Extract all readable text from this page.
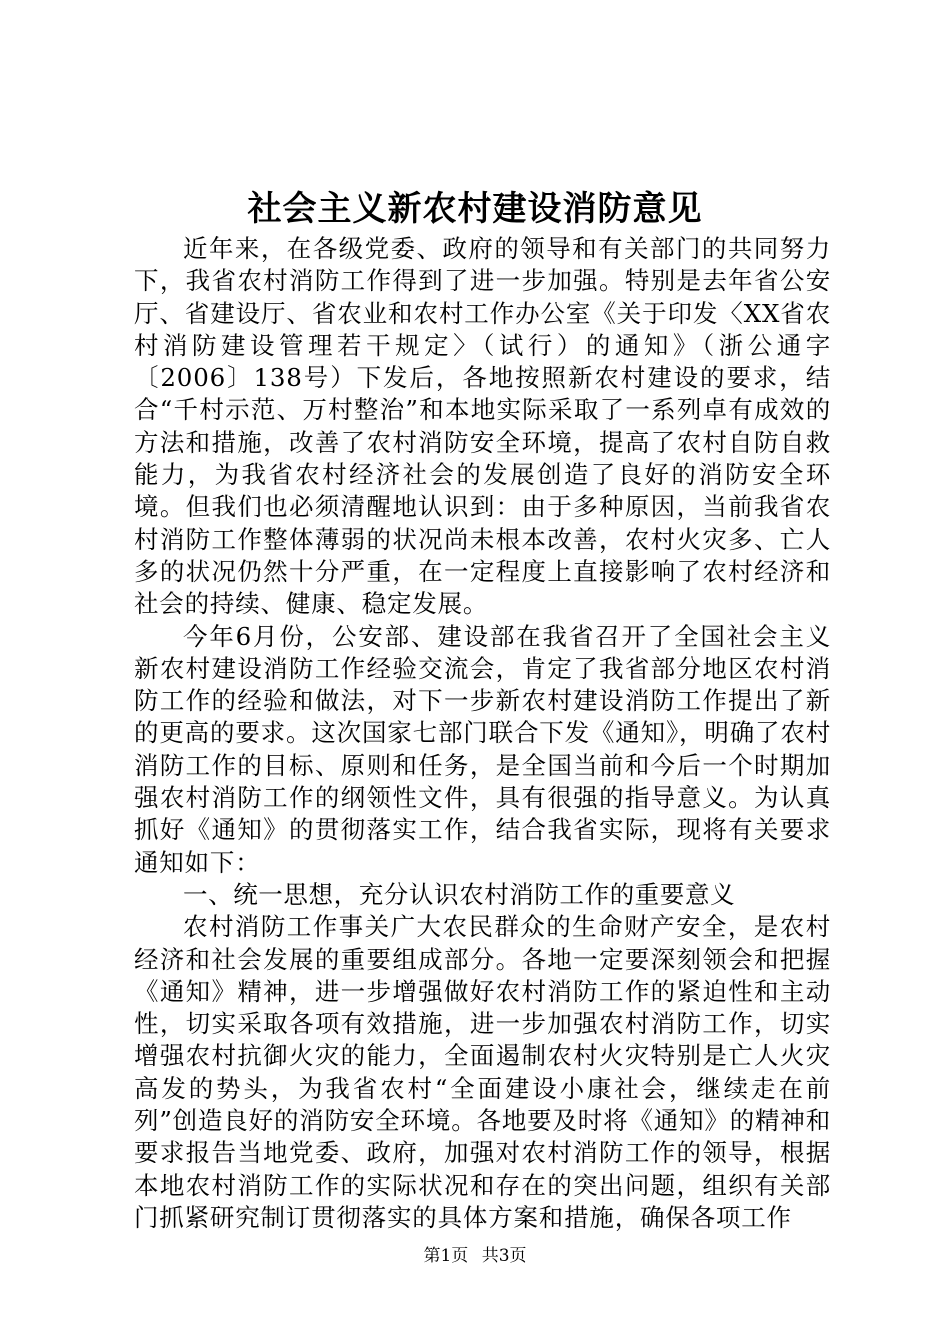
社会主义新农村建设消防意见

近年来，在各级党委、政府的领导和有关部门的共同努力下，我省农村消防工作得到了进一步加强。特别是去年省公安厅、省建设厅、省农业和农村工作办公室《关于印发〈XX省农村消防建设管理若干规定〉（试行）的通知》（浙公通字〔2006〕138号）下发后，各地按照新农村建设的要求，结合“千村示范、万村整治”和本地实际采取了一系列卓有成效的方法和措施，改善了农村消防安全环境，提高了农村自防自救能力，为我省农村经济社会的发展创造了良好的消防安全环境。但我们也必须清醒地认识到：由于多种原因，当前我省农村消防工作整体薄弱的状况尚未根本改善，农村火灾多、亡人多的状况仍然十分严重，在一定程度上直接影响了农村经济和社会的持续、健康、稳定发展。

今年6月份，公安部、建设部在我省召开了全国社会主义新农村建设消防工作经验交流会，肯定了我省部分地区农村消防工作的经验和做法，对下一步新农村建设消防工作提出了新的更高的要求。这次国家七部门联合下发《通知》，明确了农村消防工作的目标、原则和任务，是全国当前和今后一个时期加强农村消防工作的纲领性文件，具有很强的指导意义。为认真抓好《通知》的贯彻落实工作，结合我省实际，现将有关要求通知如下：

一、统一思想，充分认识农村消防工作的重要意义

农村消防工作事关广大农民群众的生命财产安全，是农村经济和社会发展的重要组成部分。各地一定要深刻领会和把握《通知》精神，进一步增强做好农村消防工作的紧迫性和主动性，切实采取各项有效措施，进一步加强农村消防工作，切实增强农村抗御火灾的能力，全面遏制农村火灾特别是亡人火灾高发的势头，为我省农村“全面建设小康社会，继续走在前列”创造良好的消防安全环境。各地要及时将《通知》的精神和要求报告当地党委、政府，加强对农村消防工作的领导，根据本地农村消防工作的实际状况和存在的突出问题，组织有关部门抓紧研究制订贯彻落实的具体方案和措施，确保各项工作

第1页 共3页
